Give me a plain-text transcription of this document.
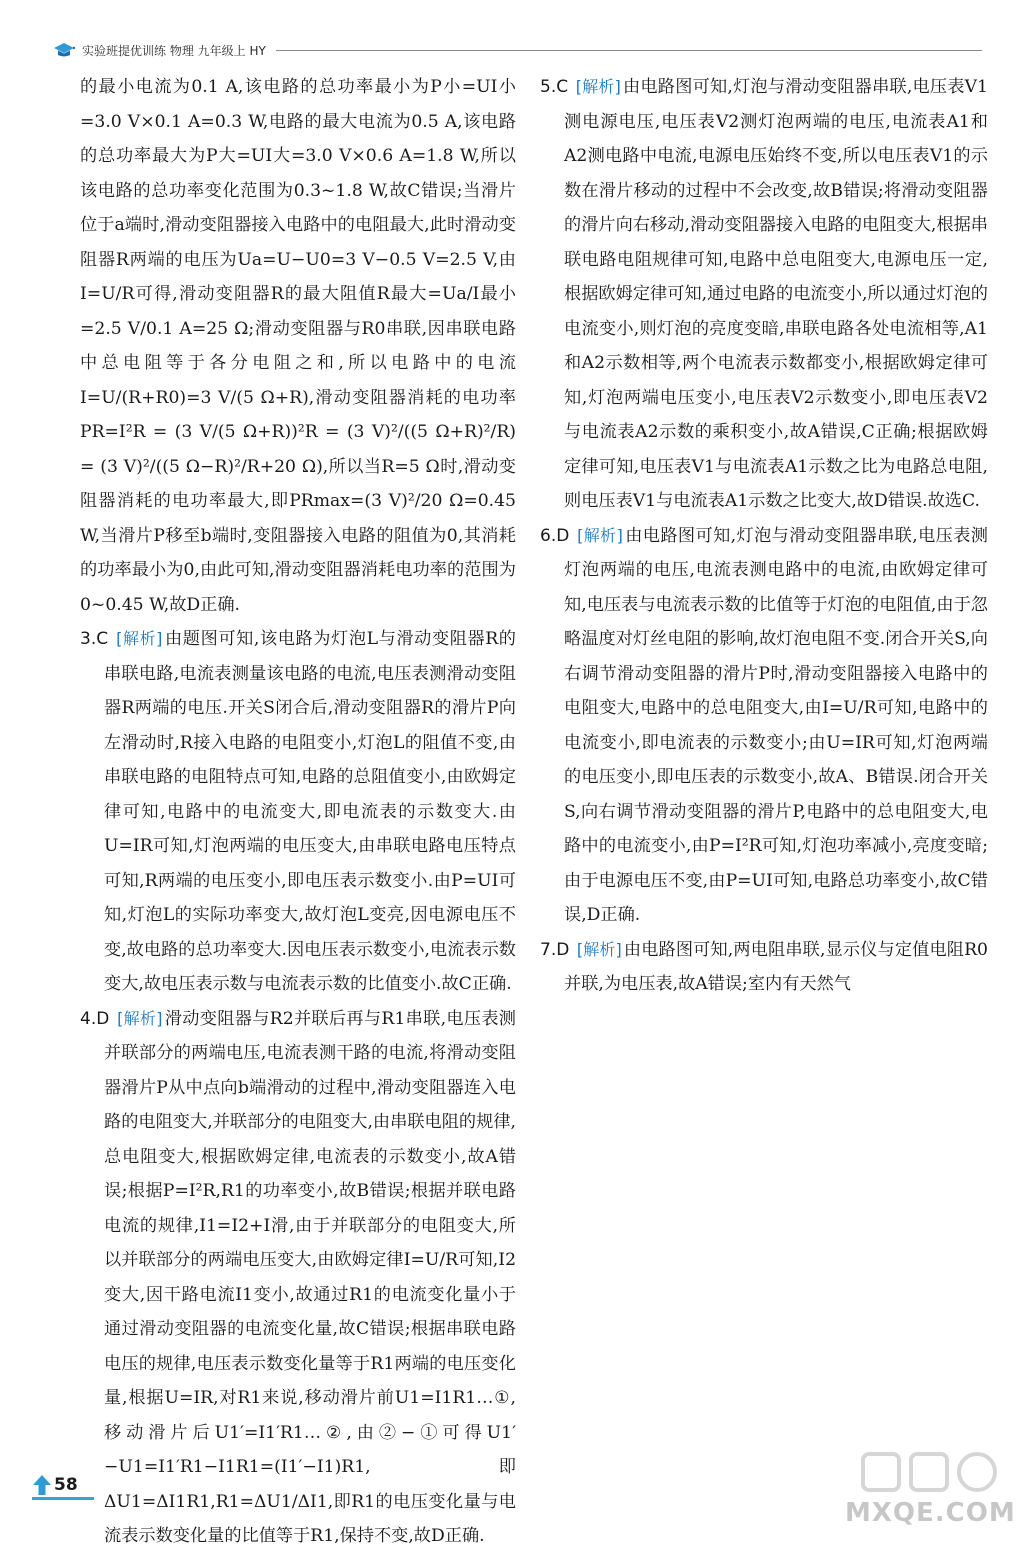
实验班提优训练 物理 九年级上 HY

的最小电流为0.1 A,该电路的总功率最小为P小=UI小=3.0 V×0.1 A=0.3 W,电路的最大电流为0.5 A,该电路的总功率最大为P大=UI大=3.0 V×0.6 A=1.8 W,所以该电路的总功率变化范围为0.3~1.8 W,故C错误;当滑片位于a端时,滑动变阻器接入电路中的电阻最大,此时滑动变阻器R两端的电压为Ua=U−U0=3 V−0.5 V=2.5 V,由I=U/R可得,滑动变阻器R的最大阻值R最大=Ua/I最小=2.5 V/0.1 A=25 Ω;滑动变阻器与R0串联,因串联电路中总电阻等于各分电阻之和,所以电路中的电流I=U/(R+R0)=3 V/(5 Ω+R),滑动变阻器消耗的电功率PR=I²R = (3 V/(5 Ω+R))²R = (3 V)²/((5 Ω+R)²/R) = (3 V)²/((5 Ω−R)²/R+20 Ω),所以当R=5 Ω时,滑动变阻器消耗的电功率最大,即PRmax=(3 V)²/20 Ω=0.45 W,当滑片P移至b端时,变阻器接入电路的阻值为0,其消耗的功率最小为0,由此可知,滑动变阻器消耗电功率的范围为0~0.45 W,故D正确.

3.C [解析] 由题图可知,该电路为灯泡L与滑动变阻器R的串联电路,电流表测量该电路的电流,电压表测滑动变阻器R两端的电压.开关S闭合后,滑动变阻器R的滑片P向左滑动时,R接入电路的电阻变小,灯泡L的阻值不变,由串联电路的电阻特点可知,电路的总阻值变小,由欧姆定律可知,电路中的电流变大,即电流表的示数变大.由U=IR可知,灯泡两端的电压变大,由串联电路电压特点可知,R两端的电压变小,即电压表示数变小.由P=UI可知,灯泡L的实际功率变大,故灯泡L变亮,因电源电压不变,故电路的总功率变大.因电压表示数变小,电流表示数变大,故电压表示数与电流表示数的比值变小.故C正确.
4.D [解析] 滑动变阻器与R2并联后再与R1串联,电压表测并联部分的两端电压,电流表测干路的电流,将滑动变阻器滑片P从中点向b端滑动的过程中,滑动变阻器连入电路的电阻变大,并联部分的电阻变大,由串联电阻的规律,总电阻变大,根据欧姆定律,电流表的示数变小,故A错误;根据P=I²R,R1的功率变小,故B错误;根据并联电路电流的规律,I1=I2+I滑,由于并联部分的电阻变大,所以并联部分的两端电压变大,由欧姆定律I=U/R可知,I2变大,因干路电流I1变小,故通过R1的电流变化量小于通过滑动变阻器的电流变化量,故C错误;根据串联电路电压的规律,电压表示数变化量等于R1两端的电压变化量,根据U=IR,对R1来说,移动滑片前U1=I1R1…①,移动滑片后U1′=I1′R1…②,由②−①可得U1′−U1=I1′R1−I1R1=(I1′−I1)R1,即ΔU1=ΔI1R1,R1=ΔU1/ΔI1,即R1的电压变化量与电流表示数变化量的比值等于R1,保持不变,故D正确.
5.C [解析] 由电路图可知,灯泡与滑动变阻器串联,电压表V1测电源电压,电压表V2测灯泡两端的电压,电流表A1和A2测电路中电流,电源电压始终不变,所以电压表V1的示数在滑片移动的过程中不会改变,故B错误;将滑动变阻器的滑片向右移动,滑动变阻器接入电路的电阻变大,根据串联电路电阻规律可知,电路中总电阻变大,电源电压一定,根据欧姆定律可知,通过电路的电流变小,所以通过灯泡的电流变小,则灯泡的亮度变暗,串联电路各处电流相等,A1和A2示数相等,两个电流表示数都变小,根据欧姆定律可知,灯泡两端电压变小,电压表V2示数变小,即电压表V2与电流表A2示数的乘积变小,故A错误,C正确;根据欧姆定律可知,电压表V1与电流表A1示数之比为电路总电阻,则电压表V1与电流表A1示数之比变大,故D错误.故选C.
6.D [解析] 由电路图可知,灯泡与滑动变阻器串联,电压表测灯泡两端的电压,电流表测电路中的电流,由欧姆定律可知,电压表与电流表示数的比值等于灯泡的电阻值,由于忽略温度对灯丝电阻的影响,故灯泡电阻不变.闭合开关S,向右调节滑动变阻器的滑片P时,滑动变阻器接入电路中的电阻变大,电路中的总电阻变大,由I=U/R可知,电路中的电流变小,即电流表的示数变小;由U=IR可知,灯泡两端的电压变小,即电压表的示数变小,故A、B错误.闭合开关S,向右调节滑动变阻器的滑片P,电路中的总电阻变大,电路中的电流变小,由P=I²R可知,灯泡功率减小,亮度变暗;由于电源电压不变,由P=UI可知,电路总功率变小,故C错误,D正确.
7.D [解析] 由电路图可知,两电阻串联,显示仪与定值电阻R0并联,为电压表,故A错误;室内有天然气
58
MXQE.COM
